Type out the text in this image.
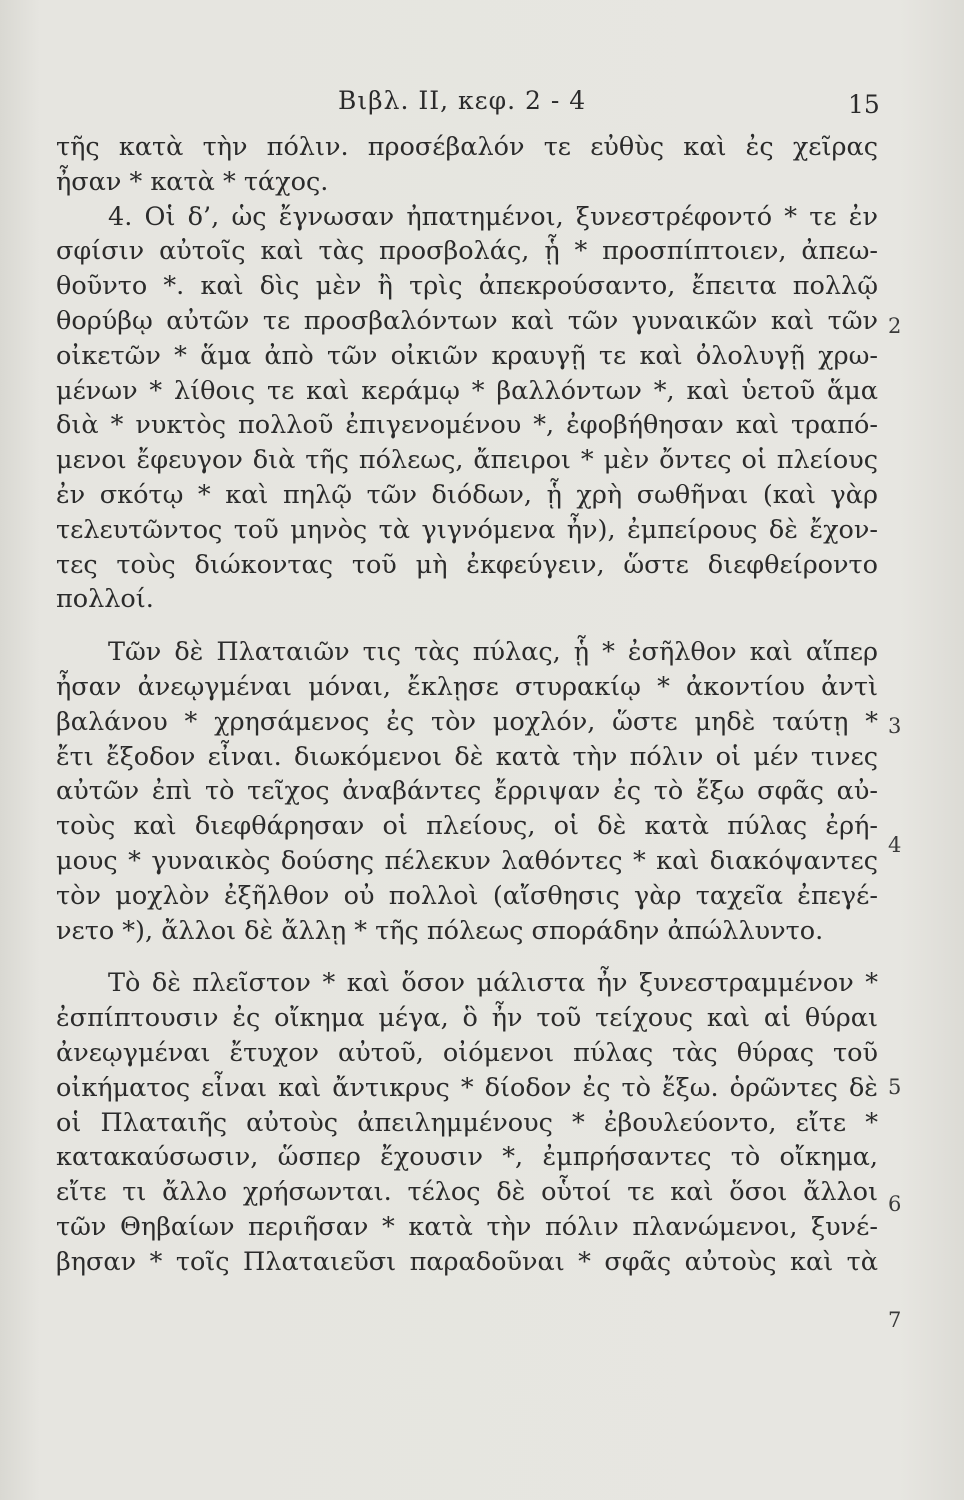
Βιβλ. II, κεφ. 2 - 4	15
τῆς κατὰ τὴν πόλιν. προσέβαλόν τε εὐθὺς καὶ ἐς χεῖρας
ἦσαν * κατὰ * τάχος.
4. Οἱ δ’, ὡς ἔγνωσαν ἠπατημένοι, ξυνεστρέφοντό * τε ἐν
σφίσιν αὐτοῖς καὶ τὰς προσβολάς, ᾗ * προσπίπτοιεν, ἀπεω-
θοῦντο *. καὶ δὶς μὲν ἢ τρὶς ἀπεκρούσαντο, ἔπειτα πολλῷ
θορύβῳ αὐτῶν τε προσβαλόντων καὶ τῶν γυναικῶν καὶ τῶν
οἰκετῶν * ἅμα ἀπὸ τῶν οἰκιῶν κραυγῇ τε καὶ ὀλολυγῇ χρω-
μένων * λίθοις τε καὶ κεράμῳ * βαλλόντων *, καὶ ὑετοῦ ἅμα
διὰ * νυκτὸς πολλοῦ ἐπιγενομένου *, ἐφοβήθησαν καὶ τραπό-
μενοι ἔφευγον διὰ τῆς πόλεως, ἄπειροι * μὲν ὄντες οἱ πλείους
ἐν σκότῳ * καὶ πηλῷ τῶν διόδων, ᾗ χρὴ σωθῆναι (καὶ γὰρ
τελευτῶντος τοῦ μηνὸς τὰ γιγνόμενα ἦν), ἐμπείρους δὲ ἔχον-
τες τοὺς διώκοντας τοῦ μὴ ἐκφεύγειν, ὥστε διεφθείροντο
πολλοί.
Τῶν δὲ Πλαταιῶν τις τὰς πύλας, ᾗ * ἐσῆλθον καὶ αἵπερ
ἦσαν ἀνεῳγμέναι μόναι, ἔκλῃσε στυρακίῳ * ἀκοντίου ἀντὶ
βαλάνου * χρησάμενος ἐς τὸν μοχλόν, ὥστε μηδὲ ταύτῃ *
ἔτι ἔξοδον εἶναι. διωκόμενοι δὲ κατὰ τὴν πόλιν οἱ μέν τινες
αὐτῶν ἐπὶ τὸ τεῖχος ἀναβάντες ἔρριψαν ἐς τὸ ἔξω σφᾶς αὐ-
τοὺς καὶ διεφθάρησαν οἱ πλείους, οἱ δὲ κατὰ πύλας ἐρή-
μους * γυναικὸς δούσης πέλεκυν λαθόντες * καὶ διακόψαντες
τὸν μοχλὸν ἐξῆλθον οὐ πολλοὶ (αἴσθησις γὰρ ταχεῖα ἐπεγέ-
νετο *), ἄλλοι δὲ ἄλλῃ * τῆς πόλεως σποράδην ἀπώλλυντο.
Τὸ δὲ πλεῖστον * καὶ ὅσον μάλιστα ἦν ξυνεστραμμένον *
ἐσπίπτουσιν ἐς οἴκημα μέγα, ὃ ἦν τοῦ τείχους καὶ αἱ θύραι
ἀνεῳγμέναι ἔτυχον αὐτοῦ, οἰόμενοι πύλας τὰς θύρας τοῦ
οἰκήματος εἶναι καὶ ἄντικρυς * δίοδον ἐς τὸ ἔξω. ὁρῶντες δὲ
οἱ Πλαταιῆς αὐτοὺς ἀπειλημμένους * ἐβουλεύοντο, εἴτε *
κατακαύσωσιν, ὥσπερ ἔχουσιν *, ἐμπρήσαντες τὸ οἴκημα,
εἴτε τι ἄλλο χρήσωνται. τέλος δὲ οὗτοί τε καὶ ὅσοι ἄλλοι
τῶν Θηβαίων περιῆσαν * κατὰ τὴν πόλιν πλανώμενοι, ξυνέ-
βησαν * τοῖς Πλαταιεῦσι παραδοῦναι * σφᾶς αὐτοὺς καὶ τὰ
2
3
4
5
6
7
